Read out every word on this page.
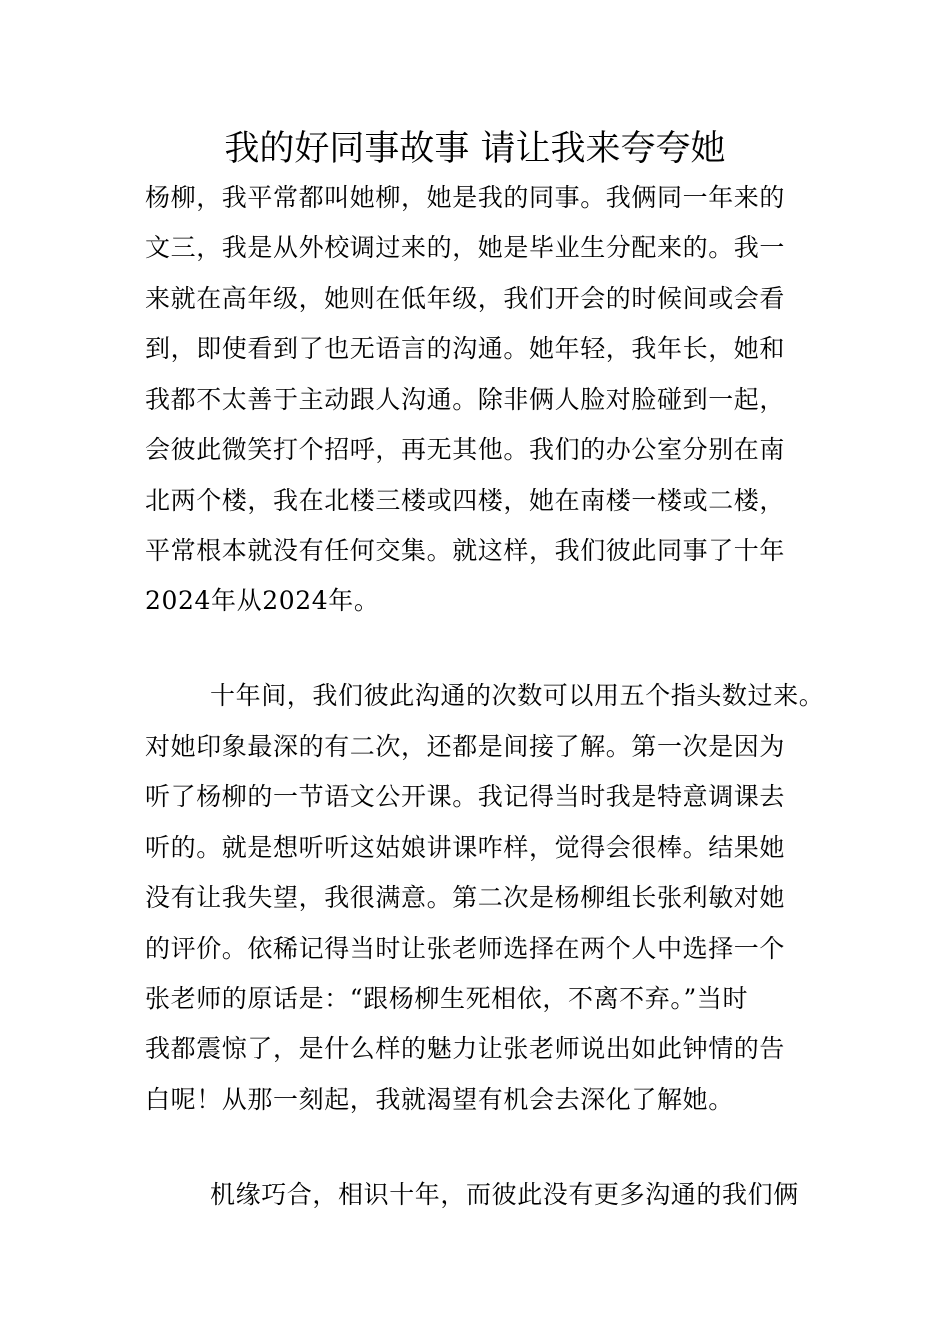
我的好同事故事 请让我来夸夸她
杨柳，我平常都叫她柳，她是我的同事。我俩同一年来的
文三，我是从外校调过来的，她是毕业生分配来的。我一
来就在高年级，她则在低年级，我们开会的时候间或会看
到，即使看到了也无语言的沟通。她年轻，我年长，她和
我都不太善于主动跟人沟通。除非俩人脸对脸碰到一起，
会彼此微笑打个招呼，再无其他。我们的办公室分别在南
北两个楼，我在北楼三楼或四楼，她在南楼一楼或二楼，
平常根本就没有任何交集。就这样，我们彼此同事了十年
2024年从2024年。
十年间，我们彼此沟通的次数可以用五个指头数过来。
对她印象最深的有二次，还都是间接了解。第一次是因为
听了杨柳的一节语文公开课。我记得当时我是特意调课去
听的。就是想听听这姑娘讲课咋样，觉得会很棒。结果她
没有让我失望，我很满意。第二次是杨柳组长张利敏对她
的评价。依稀记得当时让张老师选择在两个人中选择一个
张老师的原话是：“跟杨柳生死相依，不离不弃。”当时
我都震惊了，是什么样的魅力让张老师说出如此钟情的告
白呢！从那一刻起，我就渴望有机会去深化了解她。
机缘巧合，相识十年，而彼此没有更多沟通的我们俩
